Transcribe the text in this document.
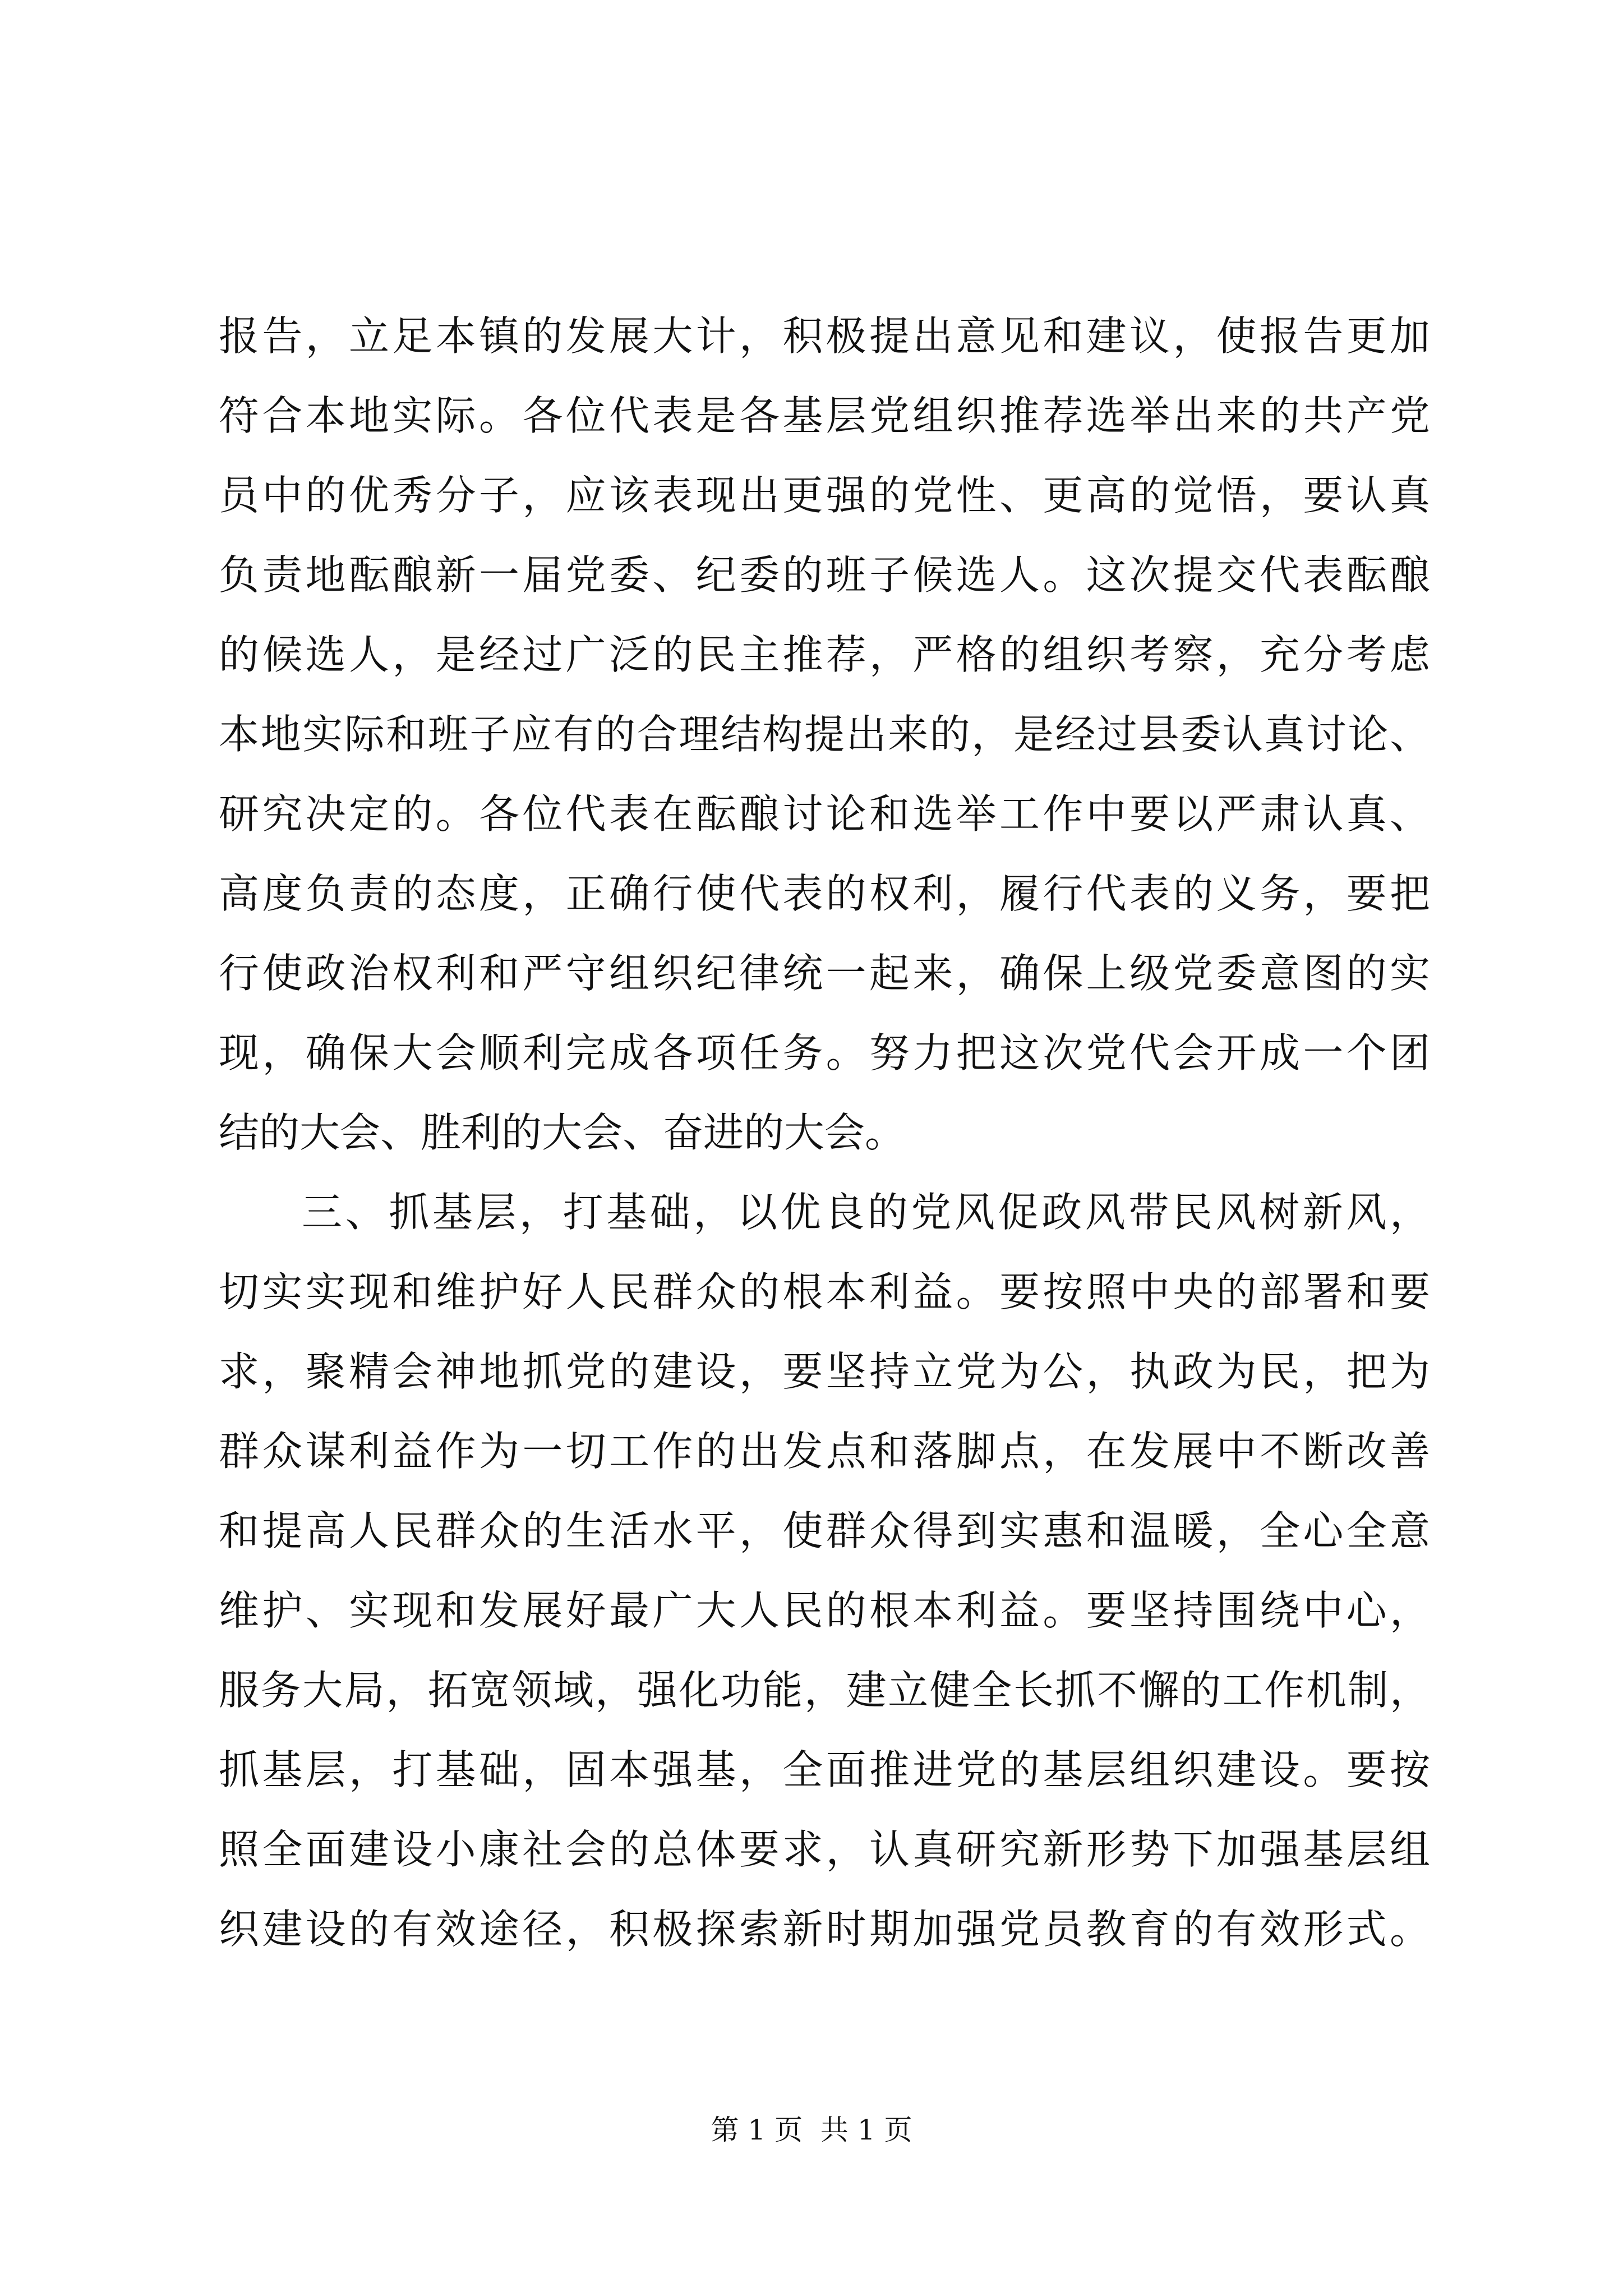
报告，立足本镇的发展大计，积极提出意见和建议，使报告更加
符合本地实际。各位代表是各基层党组织推荐选举出来的共产党
员中的优秀分子，应该表现出更强的党性、更高的觉悟，要认真
负责地酝酿新一届党委、纪委的班子候选人。这次提交代表酝酿
的候选人，是经过广泛的民主推荐，严格的组织考察，充分考虑
本地实际和班子应有的合理结构提出来的，是经过县委认真讨论、
研究决定的。各位代表在酝酿讨论和选举工作中要以严肃认真、
高度负责的态度，正确行使代表的权利，履行代表的义务，要把
行使政治权利和严守组织纪律统一起来，确保上级党委意图的实
现，确保大会顺利完成各项任务。努力把这次党代会开成一个团
结的大会、胜利的大会、奋进的大会。
三、抓基层，打基础，以优良的党风促政风带民风树新风，
切实实现和维护好人民群众的根本利益。要按照中央的部署和要
求，聚精会神地抓党的建设，要坚持立党为公，执政为民，把为
群众谋利益作为一切工作的出发点和落脚点，在发展中不断改善
和提高人民群众的生活水平，使群众得到实惠和温暖，全心全意
维护、实现和发展好最广大人民的根本利益。要坚持围绕中心，
服务大局，拓宽领域，强化功能，建立健全长抓不懈的工作机制，
抓基层，打基础，固本强基，全面推进党的基层组织建设。要按
照全面建设小康社会的总体要求，认真研究新形势下加强基层组
织建设的有效途径，积极探索新时期加强党员教育的有效形式。
第 1 页  共 1 页
